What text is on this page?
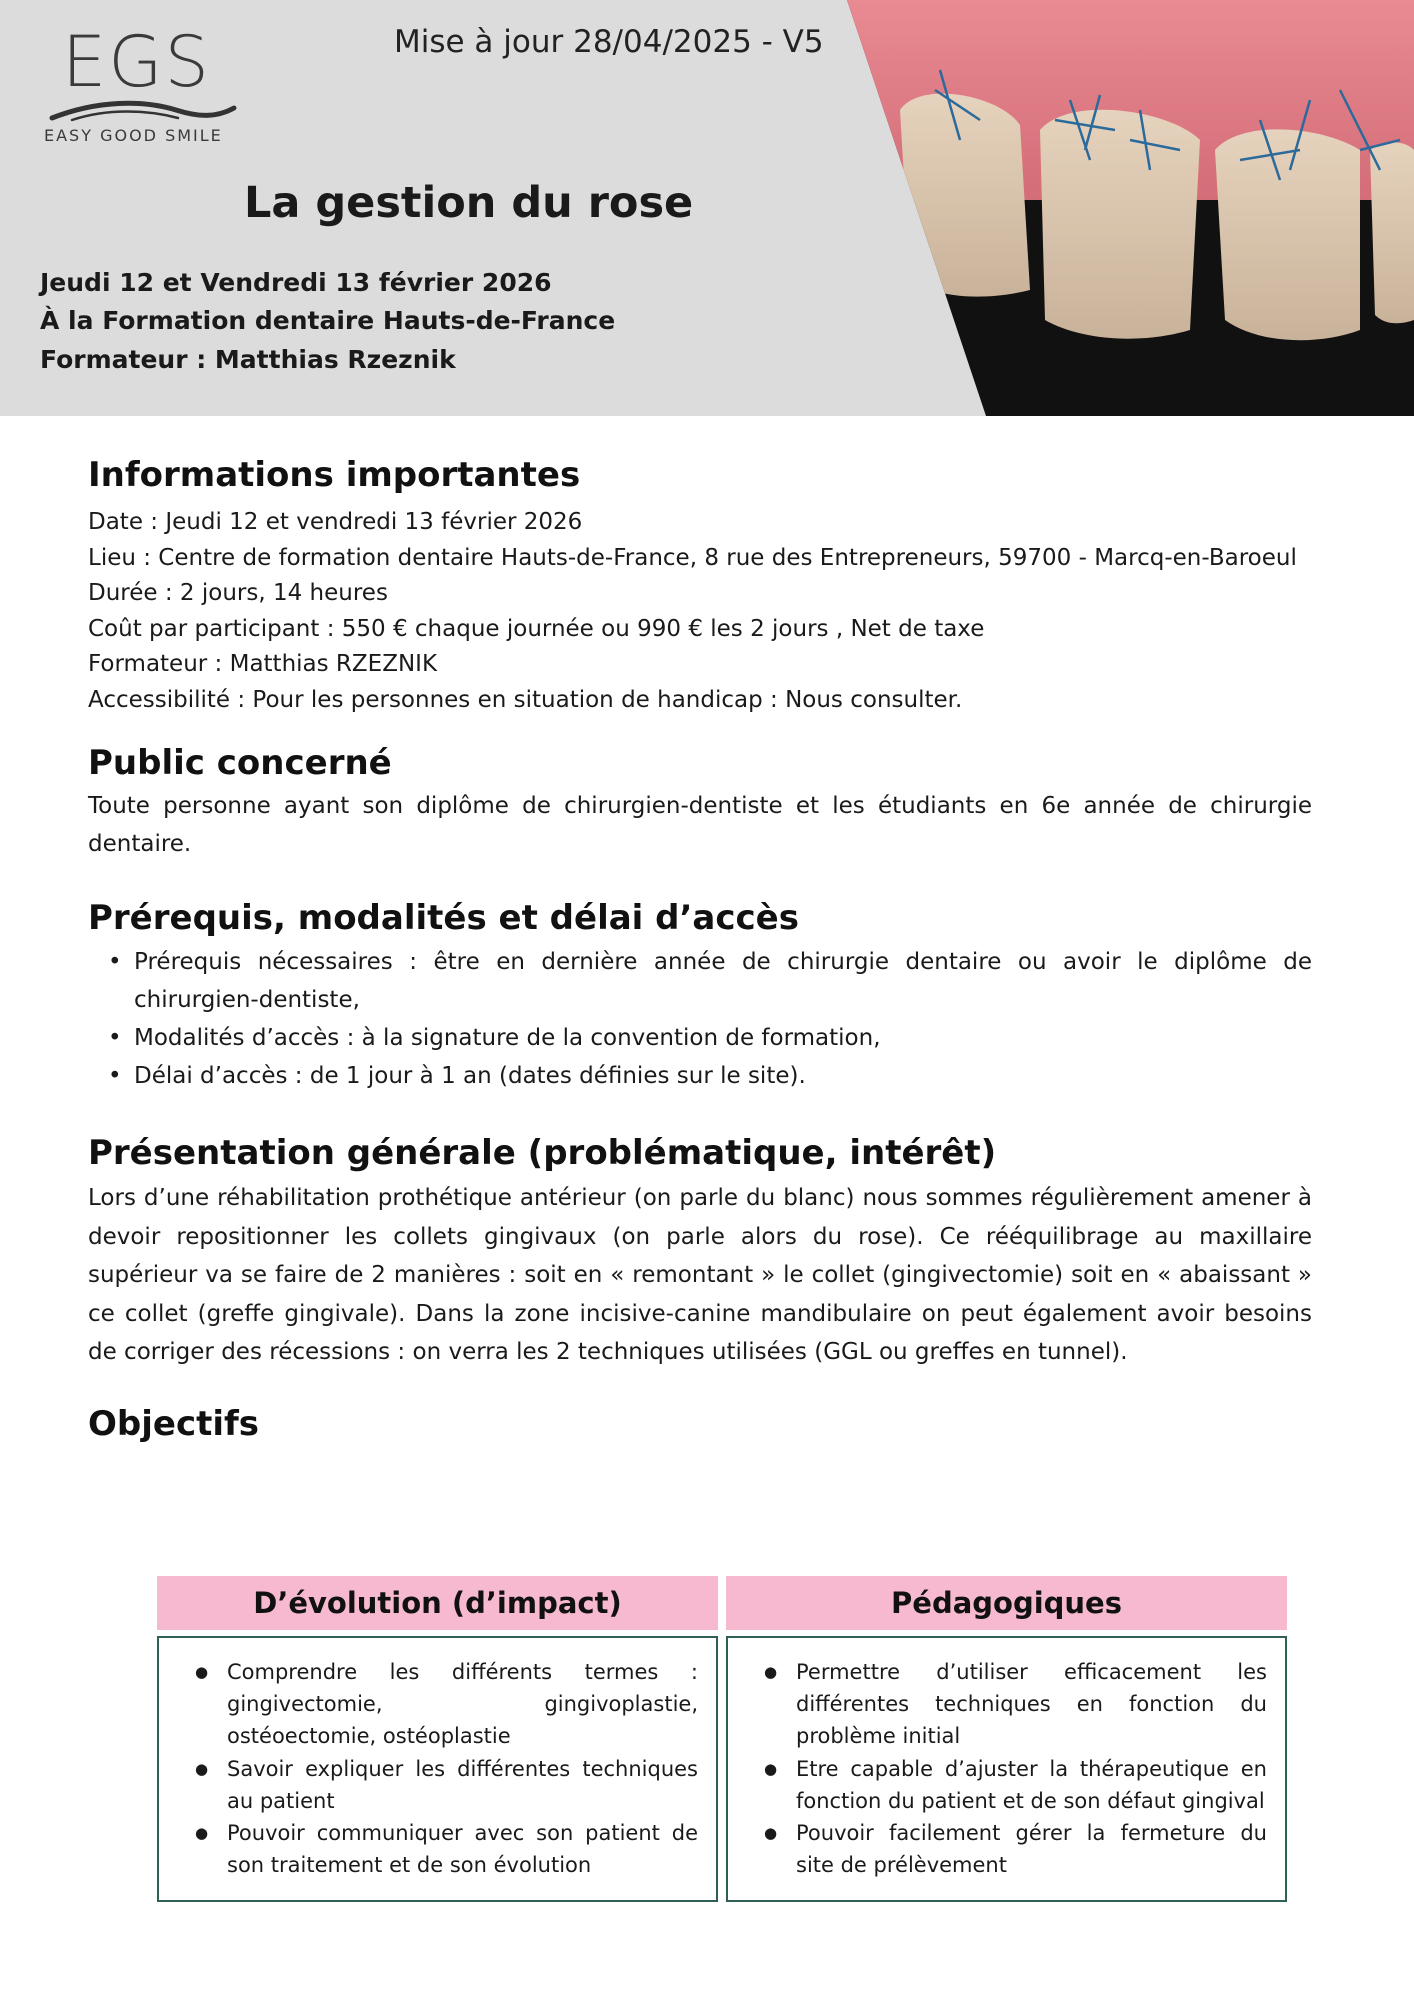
EGS
EASY GOOD SMILE
Mise à jour 28/04/2025 - V5
La gestion du rose
Jeudi 12 et Vendredi 13 février 2026
À la Formation dentaire Hauts-de-France
Formateur : Matthias Rzeznik
Informations importantes
Date : Jeudi 12 et vendredi 13 février 2026
Lieu : Centre de formation dentaire Hauts-de-France, 8 rue des Entrepreneurs, 59700 - Marcq-en-Baroeul
Durée : 2 jours, 14 heures
Coût par participant : 550 € chaque journée ou 990 € les 2 jours , Net de taxe
Formateur : Matthias RZEZNIK
Accessibilité : Pour les personnes en situation de handicap : Nous consulter.
Public concerné
Toute personne ayant son diplôme de chirurgien-dentiste et les étudiants en 6e année de chirurgie dentaire.
Prérequis, modalités et délai d’accès
• Prérequis nécessaires : être en dernière année de chirurgie dentaire ou avoir le diplôme de chirurgien-dentiste,
• Modalités d’accès : à la signature de la convention de formation,
• Délai d’accès : de 1 jour à 1 an (dates définies sur le site).
Présentation générale (problématique, intérêt)
Lors d’une réhabilitation prothétique antérieur (on parle du blanc) nous sommes régulièrement amener à devoir repositionner les collets gingivaux (on parle alors du rose). Ce rééquilibrage au maxillaire supérieur va se faire de 2 manières : soit en « remontant » le collet (gingivectomie) soit en « abaissant » ce collet (greffe gingivale). Dans la zone incisive-canine mandibulaire on peut également avoir besoins de corriger des récessions : on verra les 2 techniques utilisées (GGL ou greffes en tunnel).
Objectifs
D’évolution (d’impact)
● Comprendre les différents termes : gingivectomie, gingivoplastie, ostéoectomie, ostéoplastie
● Savoir expliquer les différentes techniques au patient
● Pouvoir communiquer avec son patient de son traitement et de son évolution
Pédagogiques
● Permettre d’utiliser efficacement les différentes techniques en fonction du problème initial
● Etre capable d’ajuster la thérapeutique en fonction du patient et de son défaut gingival
● Pouvoir facilement gérer la fermeture du site de prélèvement
